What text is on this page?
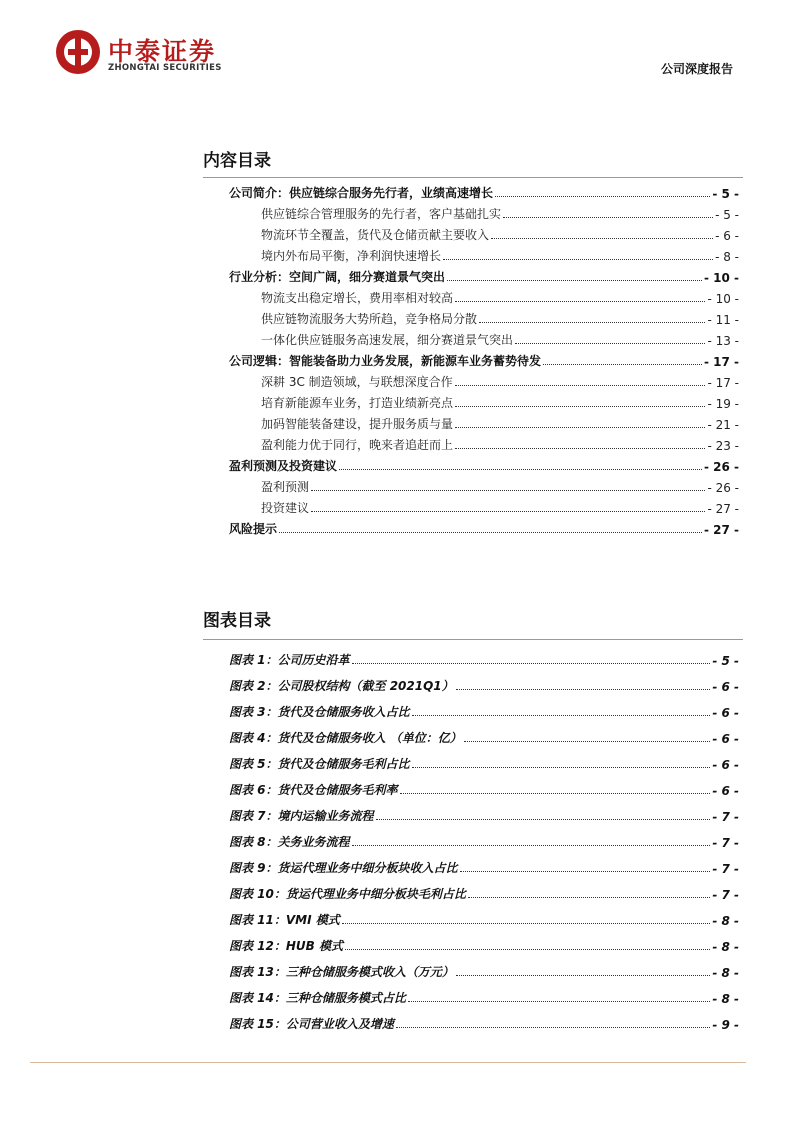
中泰证券
ZHONGTAI SECURITIES	公司深度报告
内容目录
公司简介：供应链综合服务先行者，业绩高速增长	- 5 -
供应链综合管理服务的先行者，客户基础扎实	- 5 -
物流环节全覆盖，货代及仓储贡献主要收入	- 6 -
境内外布局平衡，净利润快速增长	- 8 -
行业分析：空间广阔，细分赛道景气突出	- 10 -
物流支出稳定增长，费用率相对较高	- 10 -
供应链物流服务大势所趋，竞争格局分散	- 11 -
一体化供应链服务高速发展，细分赛道景气突出	- 13 -
公司逻辑：智能装备助力业务发展，新能源车业务蓄势待发	- 17 -
深耕 3C 制造领域，与联想深度合作	- 17 -
培育新能源车业务，打造业绩新亮点	- 19 -
加码智能装备建设，提升服务质与量	- 21 -
盈利能力优于同行，晚来者追赶而上	- 23 -
盈利预测及投资建议	- 26 -
盈利预测	- 26 -
投资建议	- 27 -
风险提示	- 27 -
图表目录
图表 1：公司历史沿革	- 5 -
图表 2：公司股权结构（截至 2021Q1）	- 6 -
图表 3：货代及仓储服务收入占比	- 6 -
图表 4：货代及仓储服务收入 （单位：亿）	- 6 -
图表 5：货代及仓储服务毛利占比	- 6 -
图表 6：货代及仓储服务毛利率	- 6 -
图表 7：境内运输业务流程	- 7 -
图表 8：关务业务流程	- 7 -
图表 9：货运代理业务中细分板块收入占比	- 7 -
图表 10：货运代理业务中细分板块毛利占比	- 7 -
图表 11：VMI 模式	- 8 -
图表 12：HUB 模式	- 8 -
图表 13：三种仓储服务模式收入（万元）	- 8 -
图表 14：三种仓储服务模式占比	- 8 -
图表 15：公司营业收入及增速	- 9 -
